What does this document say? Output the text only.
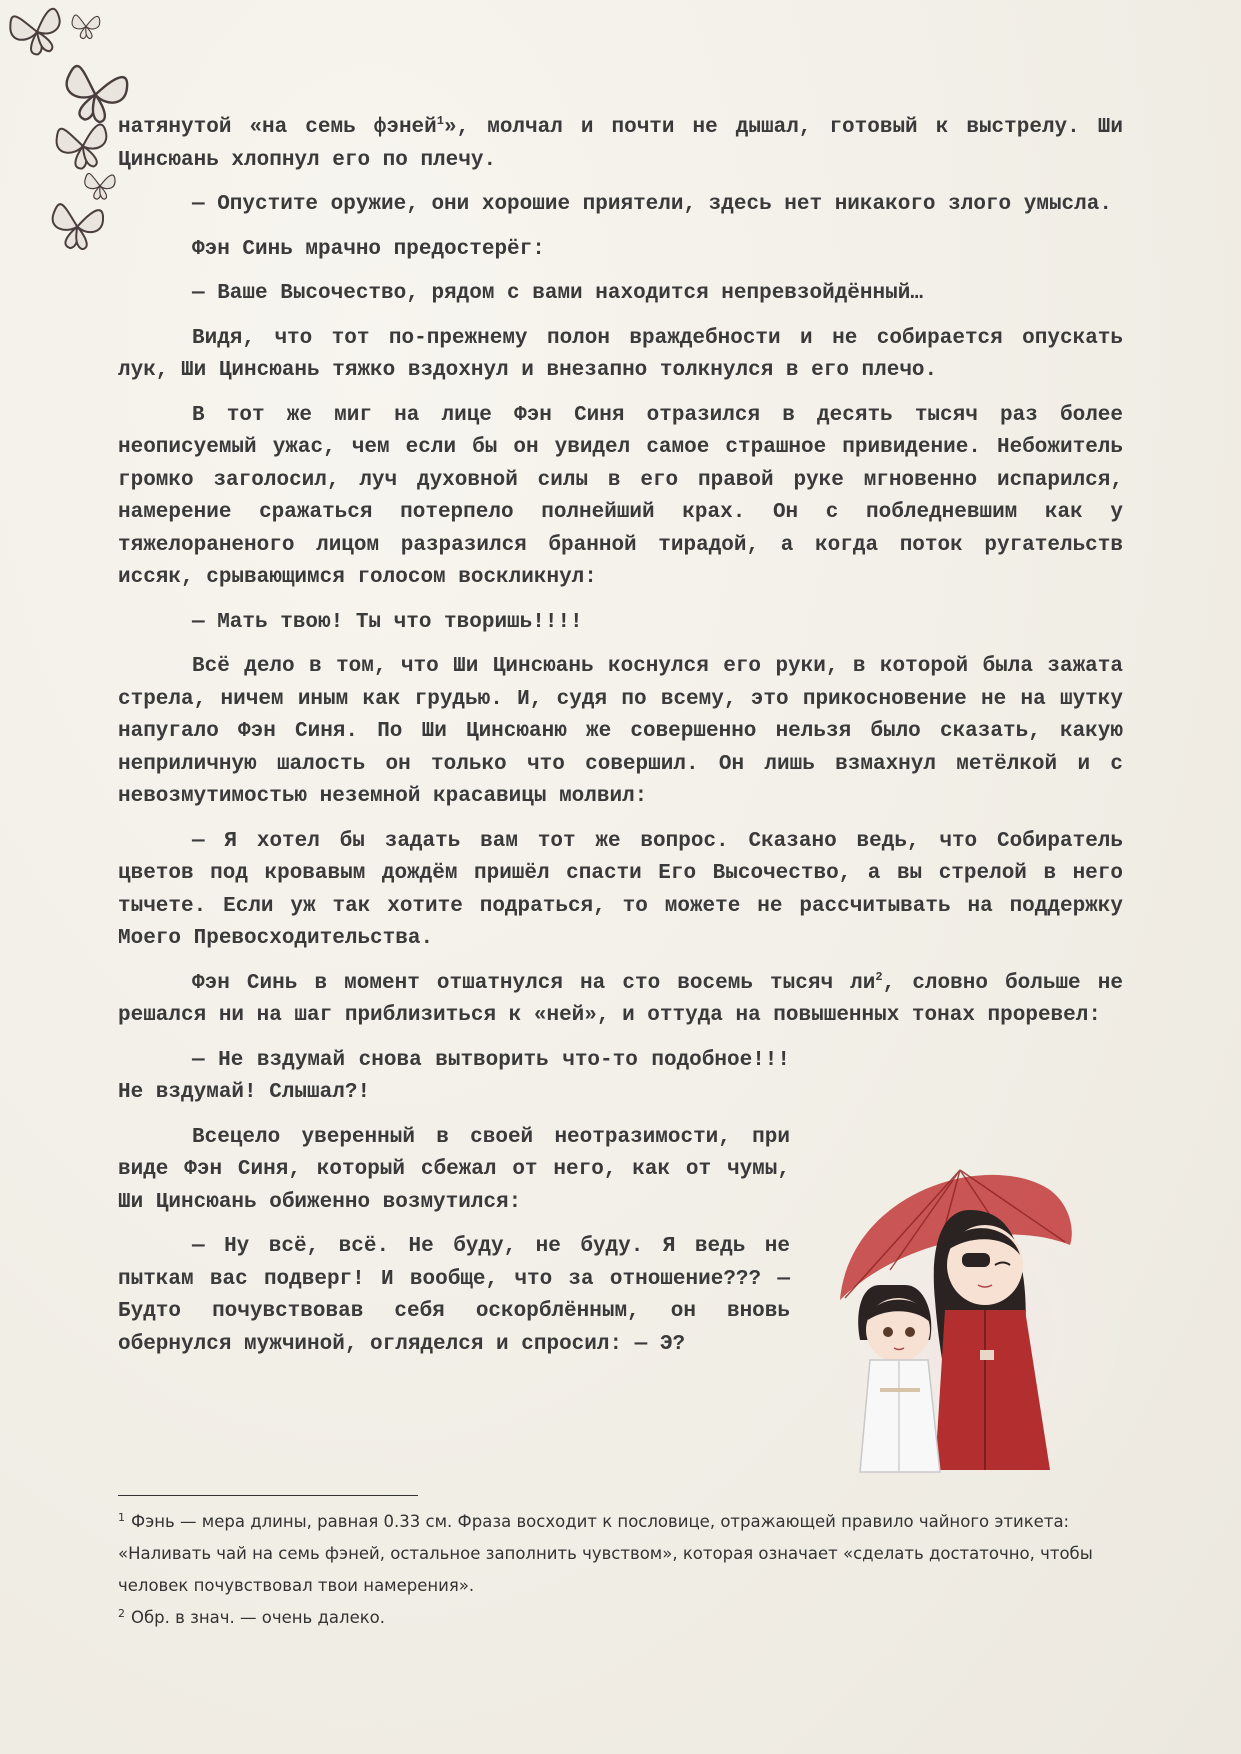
натянутой «на семь фэней$^1$», молчал и почти не дышал, готовый к выстрелу. Ши Цинсюань хлопнул его по плечу.

— Опустите оружие, они хорошие приятели, здесь нет никакого злого умысла.

Фэн Синь мрачно предостерёг:

— Ваше Высочество, рядом с вами находится непревзойдённый…

Видя, что тот по-прежнему полон враждебности и не собирается опускать лук, Ши Цинсюань тяжко вздохнул и внезапно толкнулся в его плечо.

В тот же миг на лице Фэн Синя отразился в десять тысяч раз более неописуемый ужас, чем если бы он увидел самое страшное привидение. Небожитель громко заголосил, луч духовной силы в его правой руке мгновенно испарился, намерение сражаться потерпело полнейший крах. Он с побледневшим как у тяжелораненого лицом разразился бранной тирадой, а когда поток ругательств иссяк, срывающимся голосом воскликнул:

— Мать твою! Ты что творишь!!!!

Всё дело в том, что Ши Цинсюань коснулся его руки, в которой была зажата стрела, ничем иным как грудью. И, судя по всему, это прикосновение не на шутку напугало Фэн Синя. По Ши Цинсюаню же совершенно нельзя было сказать, какую неприличную шалость он только что совершил. Он лишь взмахнул метёлкой и с невозмутимостью неземной красавицы молвил:

— Я хотел бы задать вам тот же вопрос. Сказано ведь, что Собиратель цветов под кровавым дождём пришёл спасти Его Высочество, а вы стрелой в него тычете. Если уж так хотите подраться, то можете не рассчитывать на поддержку Моего Превосходительства.

Фэн Синь в момент отшатнулся на сто восемь тысяч $ли^2$, словно больше не решался ни на шаг приблизиться к «ней», и оттуда на повышенных тонах проревел:

— Не вздумай снова вытворить что-то подобное!!! Не вздумай! Слышал?!

Всецело уверенный в своей неотразимости, при виде Фэн Синя, который сбежал от него, как от чумы, Ши Цинсюань обиженно возмутился:

— Ну всё, всё. Не буду, не буду. Я ведь не пыткам вас подверг! И вообще, что за отношение??? — Будто почувствовав себя оскорблённым, он вновь обернулся мужчиной, огляделся и спросил: — Э?

$^1$ Фэнь — мера длины, равная 0.33 см. Фраза восходит к пословице, отражающей правило чайного этикета: «Наливать чай на семь фэней, остальное заполнить чувством», которая означает «сделать достаточно, чтобы человек почувствовал твои намерения».

$^2$ Обр. в знач. — очень далеко.
